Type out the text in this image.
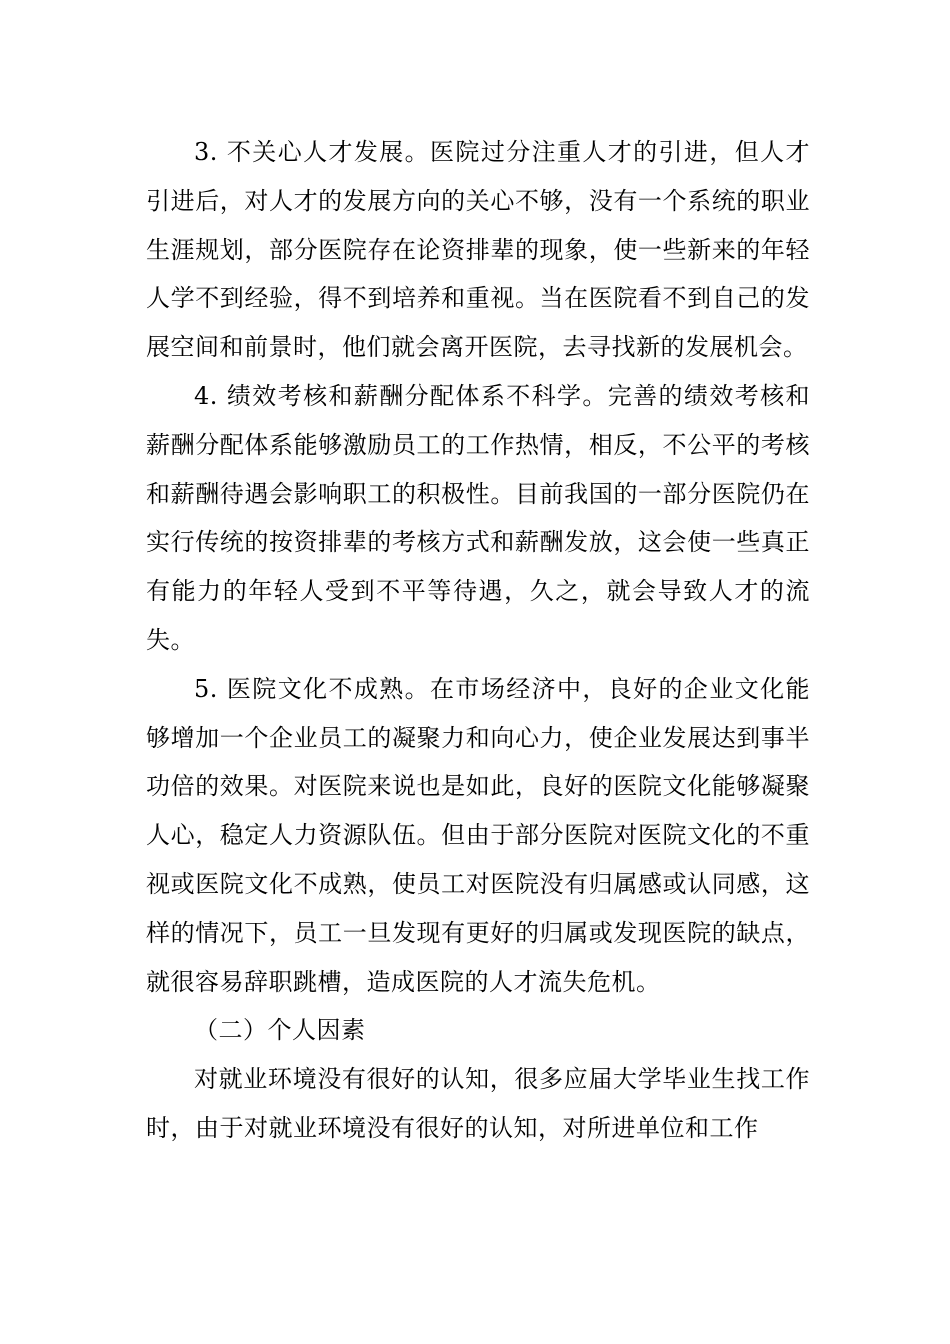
3. 不关心人才发展。医院过分注重人才的引进，但人才引进后，对人才的发展方向的关心不够，没有一个系统的职业生涯规划，部分医院存在论资排辈的现象，使一些新来的年轻人学不到经验，得不到培养和重视。当在医院看不到自己的发展空间和前景时，他们就会离开医院，去寻找新的发展机会。

4. 绩效考核和薪酬分配体系不科学。完善的绩效考核和薪酬分配体系能够激励员工的工作热情，相反，不公平的考核和薪酬待遇会影响职工的积极性。目前我国的一部分医院仍在实行传统的按资排辈的考核方式和薪酬发放，这会使一些真正有能力的年轻人受到不平等待遇，久之，就会导致人才的流失。

5. 医院文化不成熟。在市场经济中，良好的企业文化能够增加一个企业员工的凝聚力和向心力，使企业发展达到事半功倍的效果。对医院来说也是如此，良好的医院文化能够凝聚人心，稳定人力资源队伍。但由于部分医院对医院文化的不重视或医院文化不成熟，使员工对医院没有归属感或认同感，这样的情况下，员工一旦发现有更好的归属或发现医院的缺点，就很容易辞职跳槽，造成医院的人才流失危机。

（二）个人因素

对就业环境没有很好的认知，很多应届大学毕业生找工作时，由于对就业环境没有很好的认知，对所进单位和工作
